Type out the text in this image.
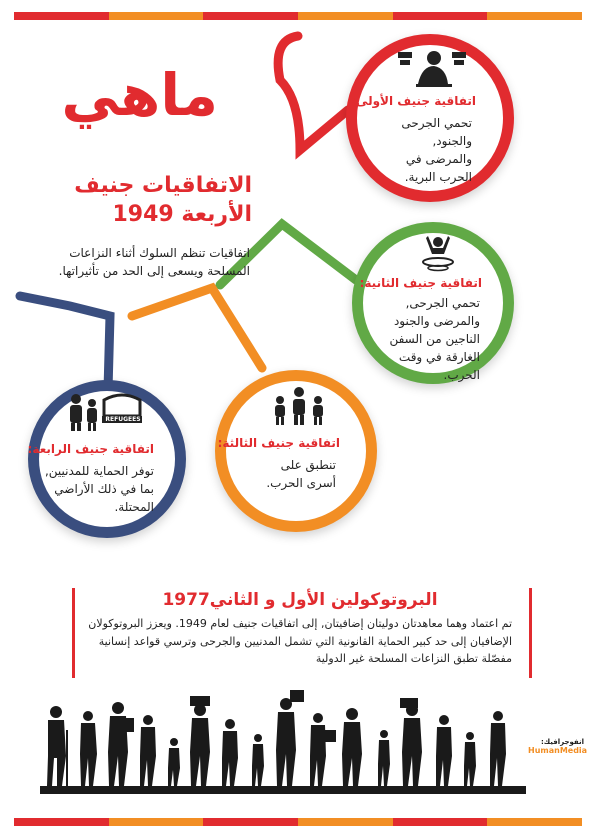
ماهي
الاتفاقيات جنيف
الأربعة 1949
اتفاقيات تنظم السلوك أثناء النزاعات المسلحة ويسعى إلى الحد من تأثيراتها.
اتفاقية جنيف الأولى:
تحمي الجرحى والجنود, والمرضى في الحرب البرية.
اتفاقية جنيف الثانية:
تحمي الجرحى, والمرضى والجنود الناجين من السفن الغارقة في وقت الحرب.
اتفاقية جنيف الثالثة:
تنطبق على أسرى الحرب.
REFUGEES
اتفاقية جنيف الرابعة:
توفر الحماية للمدنيين, بما في ذلك الأراضي المحتلة.
البروتوكولين الأول و الثاني1977
تم اعتماد وهما معاهدتان دوليتان إضافيتان, إلى اتفاقيات جنيف لعام 1949. ويعزز البروتوكولان الإضافيان إلى حد كبير الحماية القانونية التي تشمل المدنيين والجرحى وترسي قواعد إنسانية مفصّلة تطبق النزاعات المسلحة غير الدولية
انفوجرافيك:
HumanMedia
